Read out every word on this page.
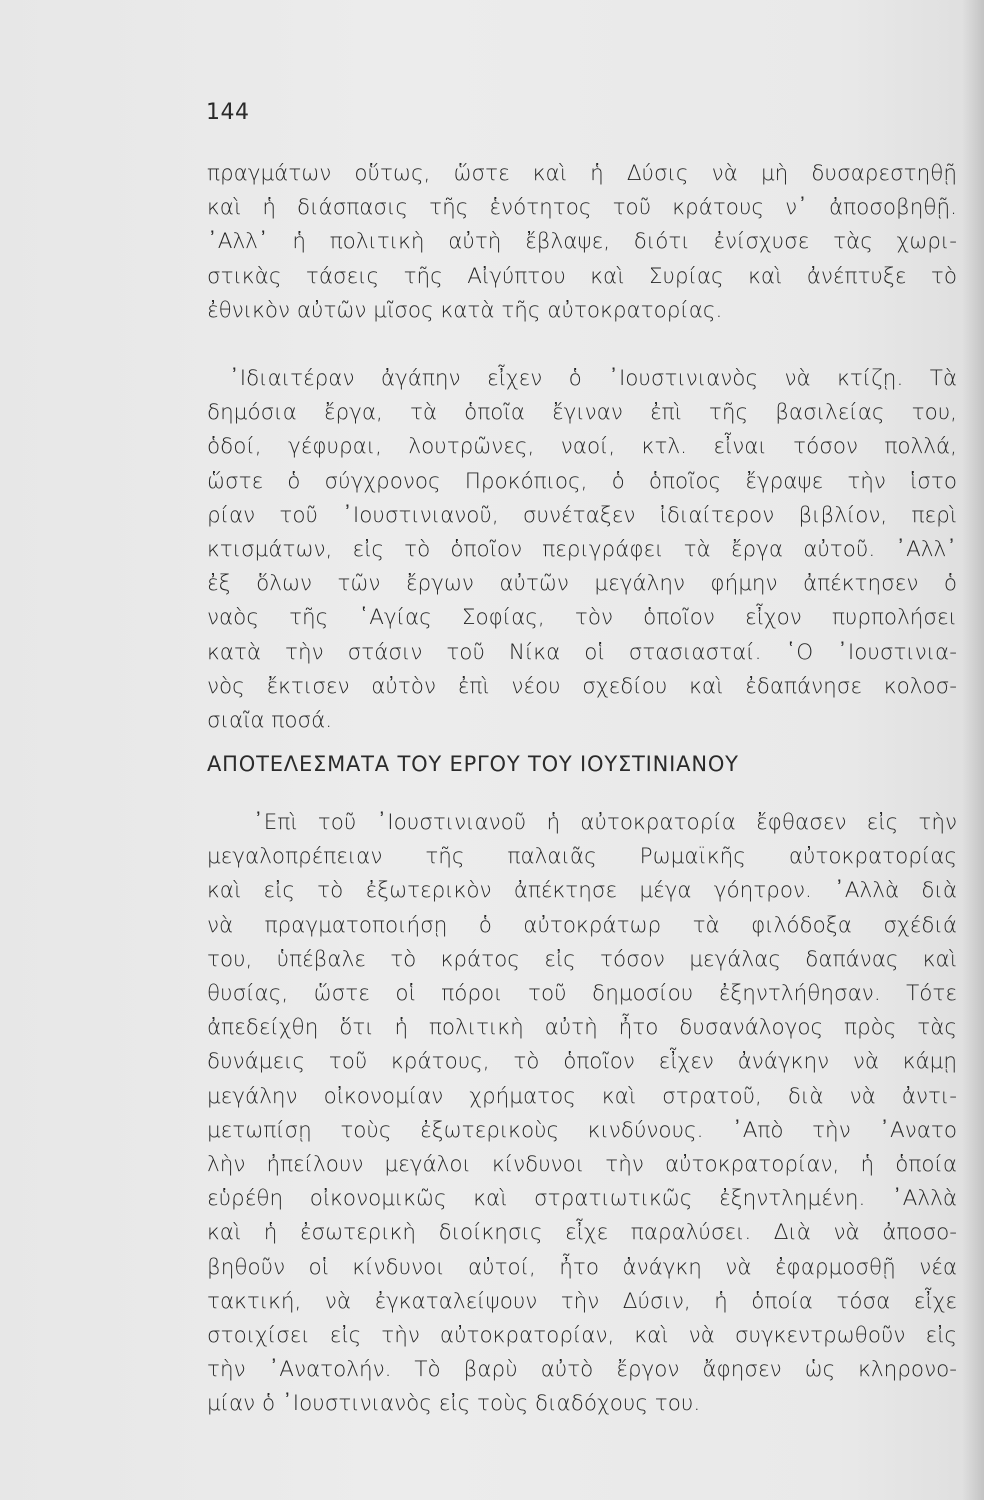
144
πραγμάτων οὕτως, ὥστε καὶ ἡ Δύσις νὰ μὴ δυσαρεστηθῇ
καὶ ἡ διάσπασις τῆς ἑνότητος τοῦ κράτους ν᾽ ἀποσοβηθῇ.
᾽Αλλ᾽ ἡ πολιτικὴ αὐτὴ ἔβλαψε, διότι ἐνίσχυσε τὰς χωρι-
στικὰς τάσεις τῆς Αἰγύπτου καὶ Συρίας καὶ ἀνέπτυξε τὸ
ἐθνικὸν αὐτῶν μῖσος κατὰ τῆς αὐτοκρατορίας.
᾽Ιδιαιτέραν ἀγάπην εἶχεν ὁ ᾽Ιουστινιανὸς νὰ κτίζῃ. Τὰ
δημόσια ἔργα, τὰ ὁποῖα ἔγιναν ἐπὶ τῆς βασιλείας του,
ὁδοί, γέφυραι, λουτρῶνες, ναοί, κτλ. εἶναι τόσον πολλά,
ὥστε ὁ σύγχρονος Προκόπιος, ὁ ὁποῖος ἔγραψε τὴν ἱστο
ρίαν τοῦ ᾽Ιουστινιανοῦ, συνέταξεν ἰδιαίτερον βιβλίον, περὶ
κτισμάτων, εἰς τὸ ὁποῖον περιγράφει τὰ ἔργα αὐτοῦ. ᾽Αλλ᾽
ἐξ ὅλων τῶν ἔργων αὐτῶν μεγάλην φήμην ἀπέκτησεν ὁ
ναὸς τῆς ῾Αγίας Σοφίας, τὸν ὁποῖον εἶχον πυρπολήσει
κατὰ τὴν στάσιν τοῦ Νίκα οἱ στασιασταί. ῾Ο ᾽Ιουστινια-
νὸς ἔκτισεν αὐτὸν ἐπὶ νέου σχεδίου καὶ ἐδαπάνησε κολοσ-
σιαῖα ποσά.
ΑΠΟΤΕΛΕΣΜΑΤΑ ΤΟΥ ΕΡΓΟΥ ΤΟΥ ΙΟΥΣΤΙΝΙΑΝΟΥ
᾽Επὶ τοῦ ᾽Ιουστινιανοῦ ἡ αὐτοκρατορία ἔφθασεν εἰς τὴν
μεγαλοπρέπειαν τῆς παλαιᾶς Ρωμαϊκῆς αὐτοκρατορίας
καὶ εἰς τὸ ἐξωτερικὸν ἀπέκτησε μέγα γόητρον. ᾽Αλλὰ διὰ
νὰ πραγματοποιήσῃ ὁ αὐτοκράτωρ τὰ φιλόδοξα σχέδιά
του, ὑπέβαλε τὸ κράτος εἰς τόσον μεγάλας δαπάνας καὶ
θυσίας, ὥστε οἱ πόροι τοῦ δημοσίου ἐξηντλήθησαν. Τότε
ἀπεδείχθη ὅτι ἡ πολιτικὴ αὐτὴ ἦτο δυσανάλογος πρὸς τὰς
δυνάμεις τοῦ κράτους, τὸ ὁποῖον εἶχεν ἀνάγκην νὰ κάμῃ
μεγάλην οἰκονομίαν χρήματος καὶ στρατοῦ, διὰ νὰ ἀντι-
μετωπίσῃ τοὺς ἐξωτερικοὺς κινδύνους. ᾽Απὸ τὴν ᾽Ανατο
λὴν ἠπείλουν μεγάλοι κίνδυνοι τὴν αὐτοκρατορίαν, ἡ ὁποία
εὑρέθη οἰκονομικῶς καὶ στρατιωτικῶς ἐξηντλημένη. ᾽Αλλὰ
καὶ ἡ ἐσωτερικὴ διοίκησις εἶχε παραλύσει. Διὰ νὰ ἀποσο-
βηθοῦν οἱ κίνδυνοι αὐτοί, ἦτο ἀνάγκη νὰ ἐφαρμοσθῇ νέα
τακτική, νὰ ἐγκαταλείψουν τὴν Δύσιν, ἡ ὁποία τόσα εἶχε
στοιχίσει εἰς τὴν αὐτοκρατορίαν, καὶ νὰ συγκεντρωθοῦν εἰς
τὴν ᾽Ανατολήν. Τὸ βαρὺ αὐτὸ ἔργον ἄφησεν ὡς κληρονο-
μίαν ὁ ᾽Ιουστινιανὸς εἰς τοὺς διαδόχους του.
